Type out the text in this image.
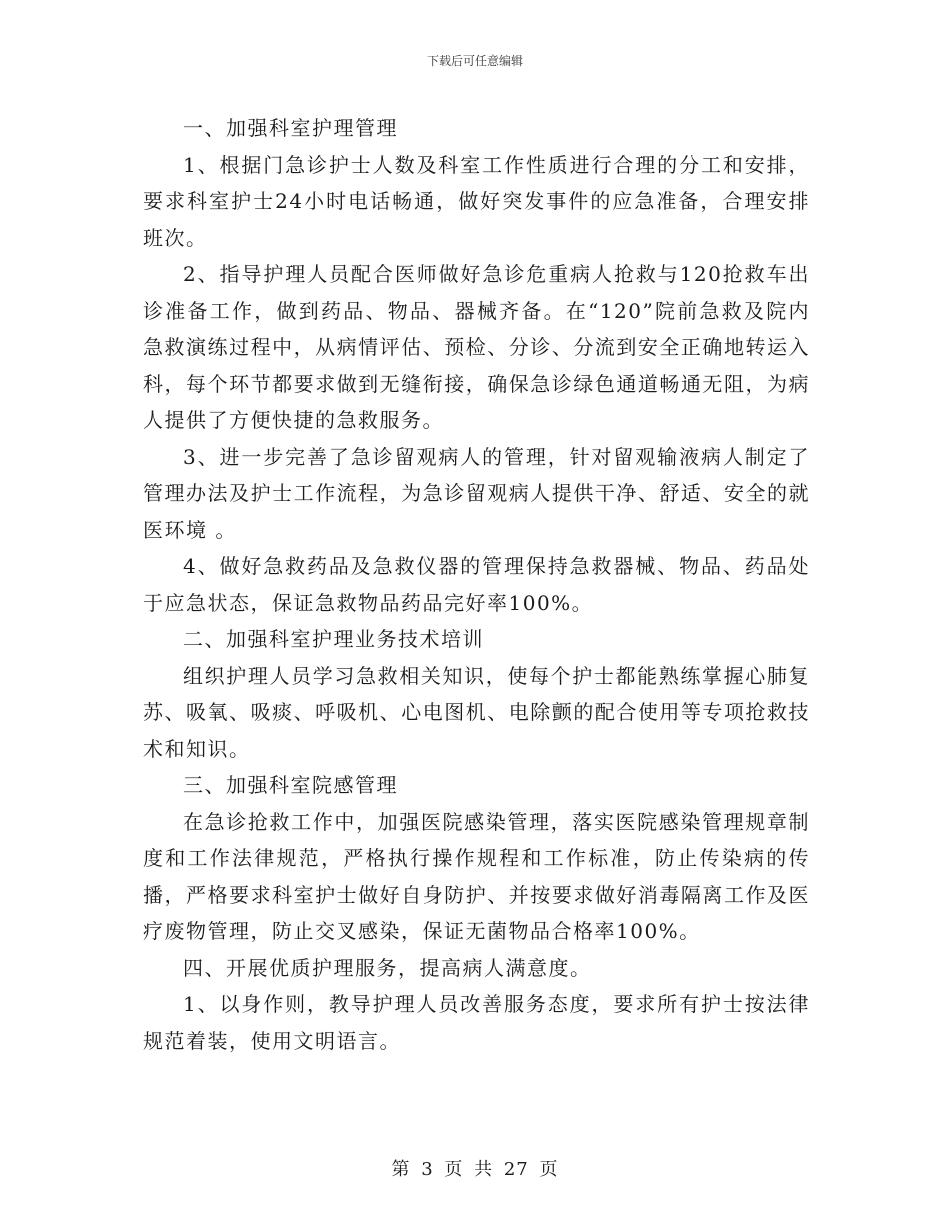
下载后可任意编辑

一、加强科室护理管理

1、根据门急诊护士人数及科室工作性质进行合理的分工和安排，要求科室护士24小时电话畅通，做好突发事件的应急准备，合理安排班次。

2、指导护理人员配合医师做好急诊危重病人抢救与120抢救车出诊准备工作，做到药品、物品、器械齐备。在“120”院前急救及院内急救演练过程中，从病情评估、预检、分诊、分流到安全正确地转运入科，每个环节都要求做到无缝衔接，确保急诊绿色通道畅通无阻，为病人提供了方便快捷的急救服务。

3、进一步完善了急诊留观病人的管理，针对留观输液病人制定了管理办法及护士工作流程，为急诊留观病人提供干净、舒适、安全的就医环境 。

4、做好急救药品及急救仪器的管理保持急救器械、物品、药品处于应急状态，保证急救物品药品完好率100%。

二、加强科室护理业务技术培训

组织护理人员学习急救相关知识，使每个护士都能熟练掌握心肺复苏、吸氧、吸痰、呼吸机、心电图机、电除颤的配合使用等专项抢救技术和知识。

三、加强科室院感管理

在急诊抢救工作中，加强医院感染管理，落实医院感染管理规章制度和工作法律规范，严格执行操作规程和工作标准，防止传染病的传播，严格要求科室护士做好自身防护、并按要求做好消毒隔离工作及医疗废物管理，防止交叉感染，保证无菌物品合格率100%。

四、开展优质护理服务，提高病人满意度。

1、以身作则，教导护理人员改善服务态度，要求所有护士按法律规范着装，使用文明语言。

第 3 页 共 27 页
